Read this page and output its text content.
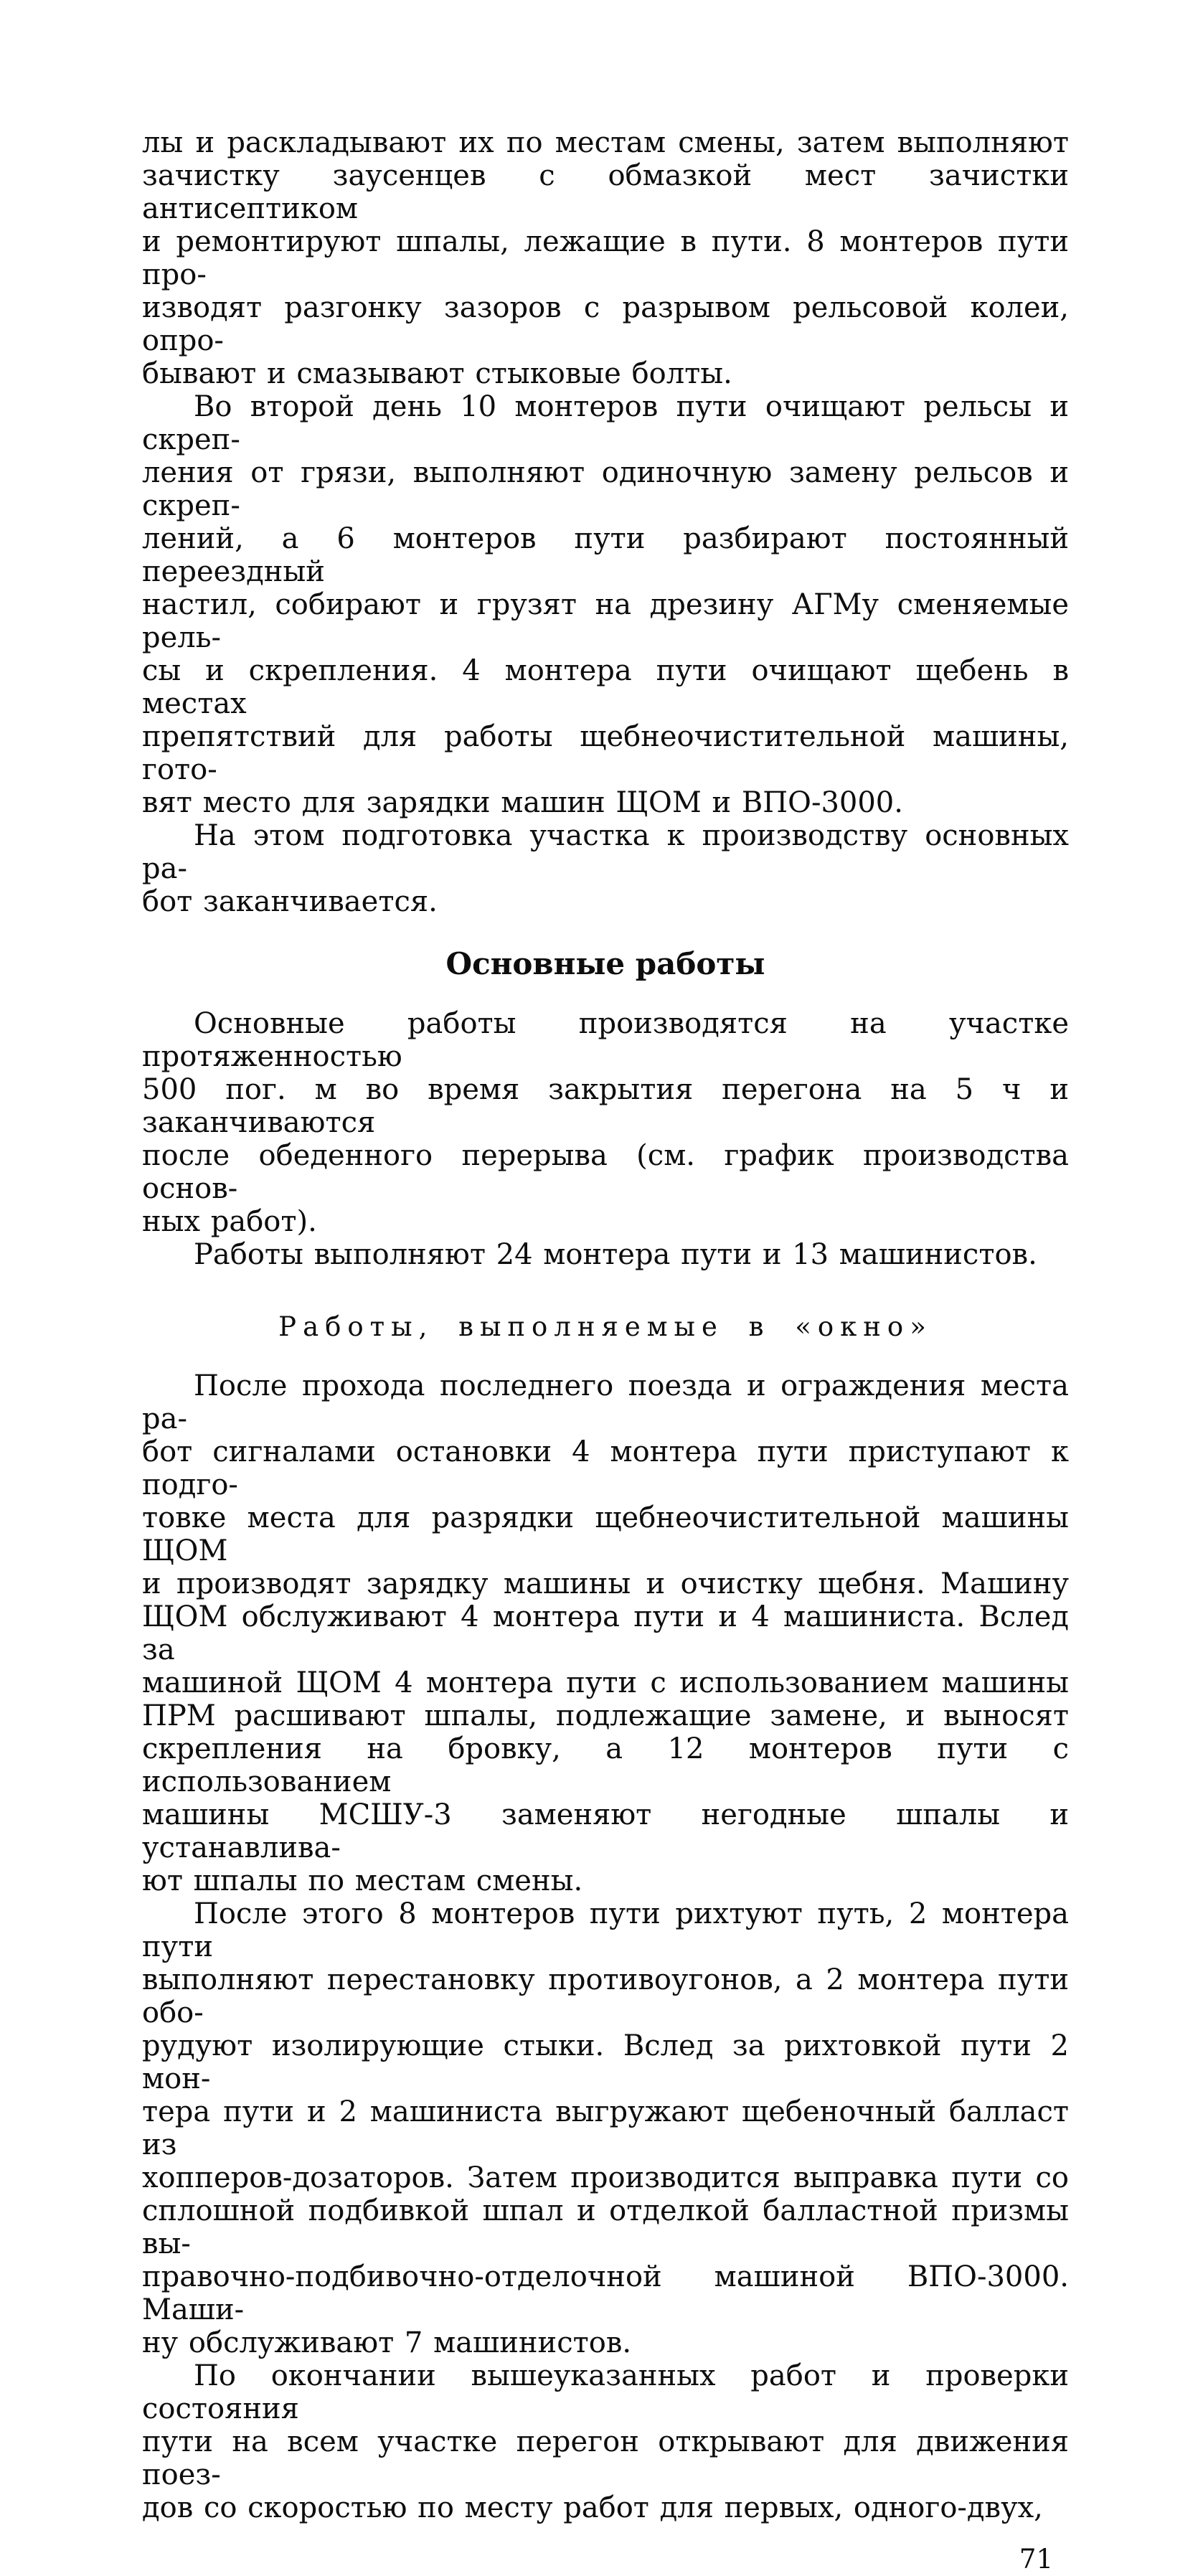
лы и раскладывают их по местам смены, затем выполняют
зачистку заусенцев с обмазкой мест зачистки антисептиком
и ремонтируют шпалы, лежащие в пути. 8 монтеров пути про-
изводят разгонку зазоров с разрывом рельсовой колеи, опро-
бывают и смазывают стыковые болты.
Во второй день 10 монтеров пути очищают рельсы и скреп-
ления от грязи, выполняют одиночную замену рельсов и скреп-
лений, а 6 монтеров пути разбирают постоянный переездный
настил, собирают и грузят на дрезину АГМу сменяемые рель-
сы и скрепления. 4 монтера пути очищают щебень в местах
препятствий для работы щебнеочистительной машины, гото-
вят место для зарядки машин ЩОМ и ВПО-3000.
На этом подготовка участка к производству основных ра-
бот заканчивается.
Основные работы
Основные работы производятся на участке протяженностью
500 пог. м во время закрытия перегона на 5 ч и заканчиваются
после обеденного перерыва (см. график производства основ-
ных работ).
Работы выполняют 24 монтера пути и 13 машинистов.
Работы, выполняемые в «окно»
После прохода последнего поезда и ограждения места ра-
бот сигналами остановки 4 монтера пути приступают к подго-
товке места для разрядки щебнеочистительной машины ЩОМ
и производят зарядку машины и очистку щебня. Машину
ЩОМ обслуживают 4 монтера пути и 4 машиниста. Вслед за
машиной ЩОМ 4 монтера пути с использованием машины
ПРМ расшивают шпалы, подлежащие замене, и выносят
скрепления на бровку, а 12 монтеров пути с использованием
машины МСШУ-3 заменяют негодные шпалы и устанавлива-
ют шпалы по местам смены.
После этого 8 монтеров пути рихтуют путь, 2 монтера пути
выполняют перестановку противоугонов, а 2 монтера пути обо-
рудуют изолирующие стыки. Вслед за рихтовкой пути 2 мон-
тера пути и 2 машиниста выгружают щебеночный балласт из
хопперов-дозаторов. Затем производится выправка пути со
сплошной подбивкой шпал и отделкой балластной призмы вы-
правочно-подбивочно-отделочной машиной ВПО-3000. Маши-
ну обслуживают 7 машинистов.
По окончании вышеуказанных работ и проверки состояния
пути на всем участке перегон открывают для движения поез-
дов со скоростью по месту работ для первых, одного-двух,
71
